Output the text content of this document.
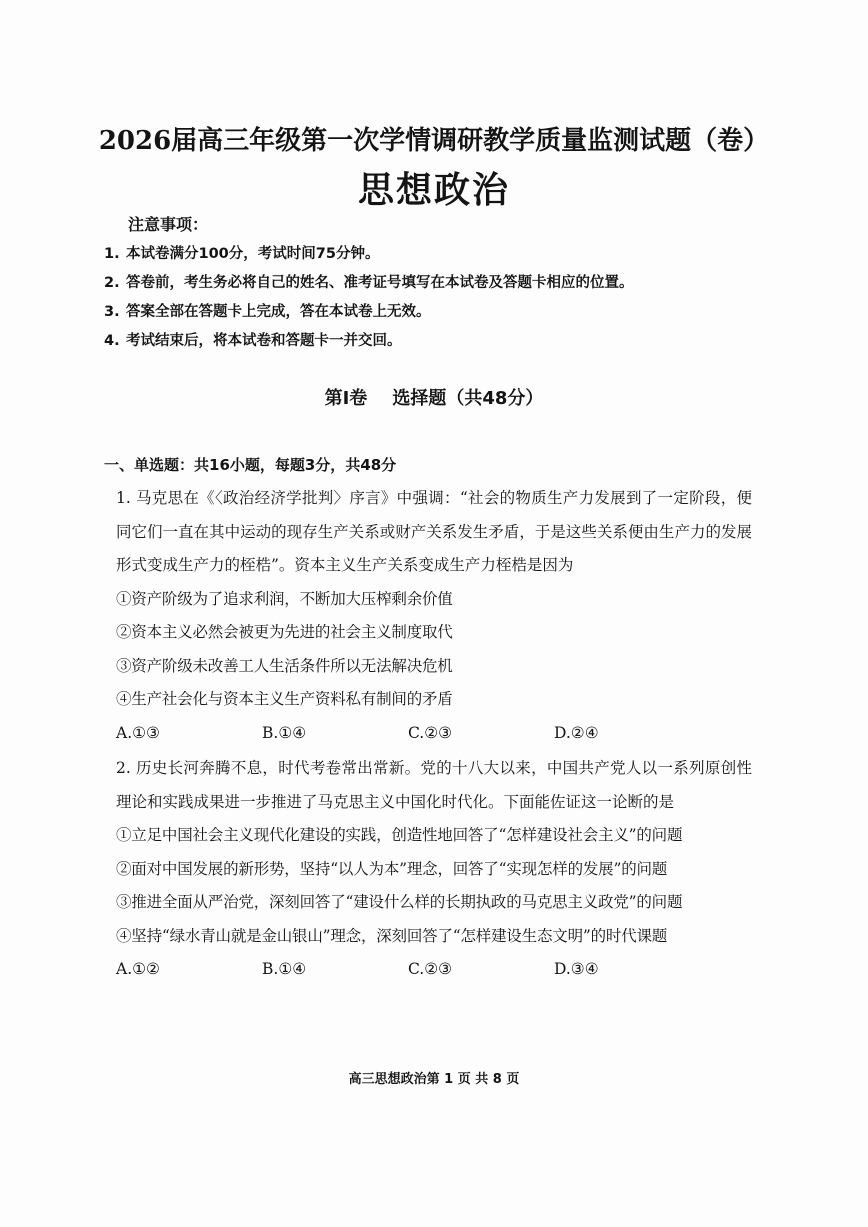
2026届高三年级第一次学情调研教学质量监测试题（卷）
思想政治
注意事项：
1. 本试卷满分100分，考试时间75分钟。
2. 答卷前，考生务必将自己的姓名、准考证号填写在本试卷及答题卡相应的位置。
3. 答案全部在答题卡上完成，答在本试卷上无效。
4. 考试结束后，将本试卷和答题卡一并交回。
第Ⅰ卷    选择题（共48分）
一、单选题：共16小题，每题3分，共48分

1. 马克思在《〈政治经济学批判〉序言》中强调：“社会的物质生产力发展到了一定阶段，便同它们一直在其中运动的现存生产关系或财产关系发生矛盾，于是这些关系便由生产力的发展形式变成生产力的桎梏”。资本主义生产关系变成生产力桎梏是因为

①资产阶级为了追求利润，不断加大压榨剩余价值

②资本主义必然会被更为先进的社会主义制度取代

③资产阶级未改善工人生活条件所以无法解决危机

④生产社会化与资本主义生产资料私有制间的矛盾

A.①③	B.①④	C.②③	D.②④

2. 历史长河奔腾不息，时代考卷常出常新。党的十八大以来，中国共产党人以一系列原创性理论和实践成果进一步推进了马克思主义中国化时代化。下面能佐证这一论断的是

①立足中国社会主义现代化建设的实践，创造性地回答了“怎样建设社会主义”的问题

②面对中国发展的新形势，坚持“以人为本”理念，回答了“实现怎样的发展”的问题

③推进全面从严治党，深刻回答了“建设什么样的长期执政的马克思主义政党”的问题

④坚持“绿水青山就是金山银山”理念，深刻回答了“怎样建设生态文明”的时代课题

A.①②	B.①④	C.②③	D.③④
高三思想政治第 1 页 共 8 页
